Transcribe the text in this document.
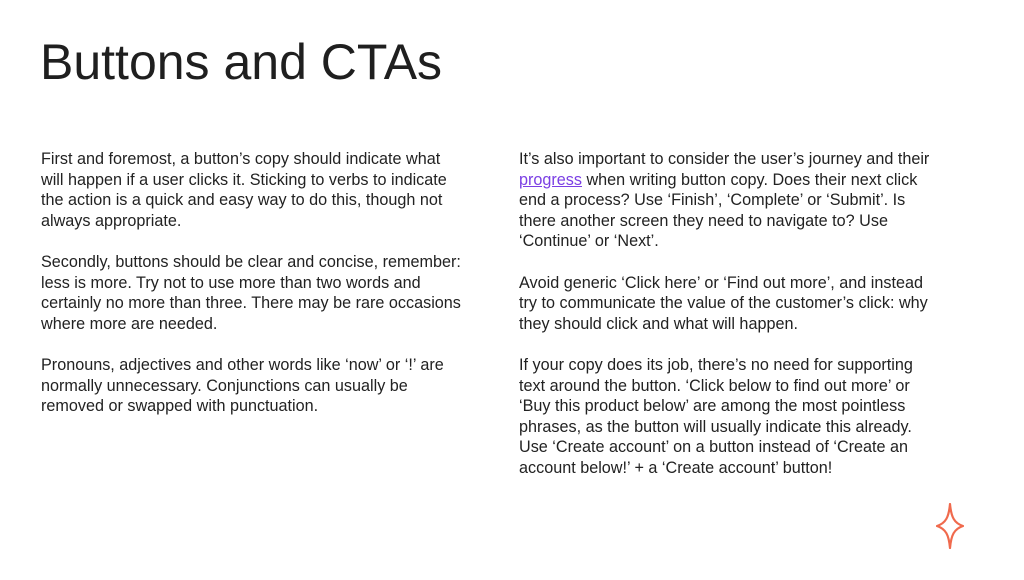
Buttons and CTAs

First and foremost, a button’s copy should indicate what will happen if a user clicks it. Sticking to verbs to indicate the action is a quick and easy way to do this, though not always appropriate.

Secondly, buttons should be clear and concise, remember: less is more. Try not to use more than two words and certainly no more than three. There may be rare occasions where more are needed.

Pronouns, adjectives and other words like ‘now’ or ‘!’ are normally unnecessary. Conjunctions can usually be removed or swapped with punctuation.

It’s also important to consider the user’s journey and their progress when writing button copy. Does their next click end a process? Use ‘Finish’, ‘Complete’ or ‘Submit’. Is there another screen they need to navigate to? Use ‘Continue’ or ‘Next’.

Avoid generic ‘Click here’ or ‘Find out more’, and instead try to communicate the value of the customer’s click: why they should click and what will happen.

If your copy does its job, there’s no need for supporting text around the button. ‘Click below to find out more’ or ‘Buy this product below’ are among the most pointless phrases, as the button will usually indicate this already. Use ‘Create account’ on a button instead of ‘Create an account below!’ + a ‘Create account’ button!
